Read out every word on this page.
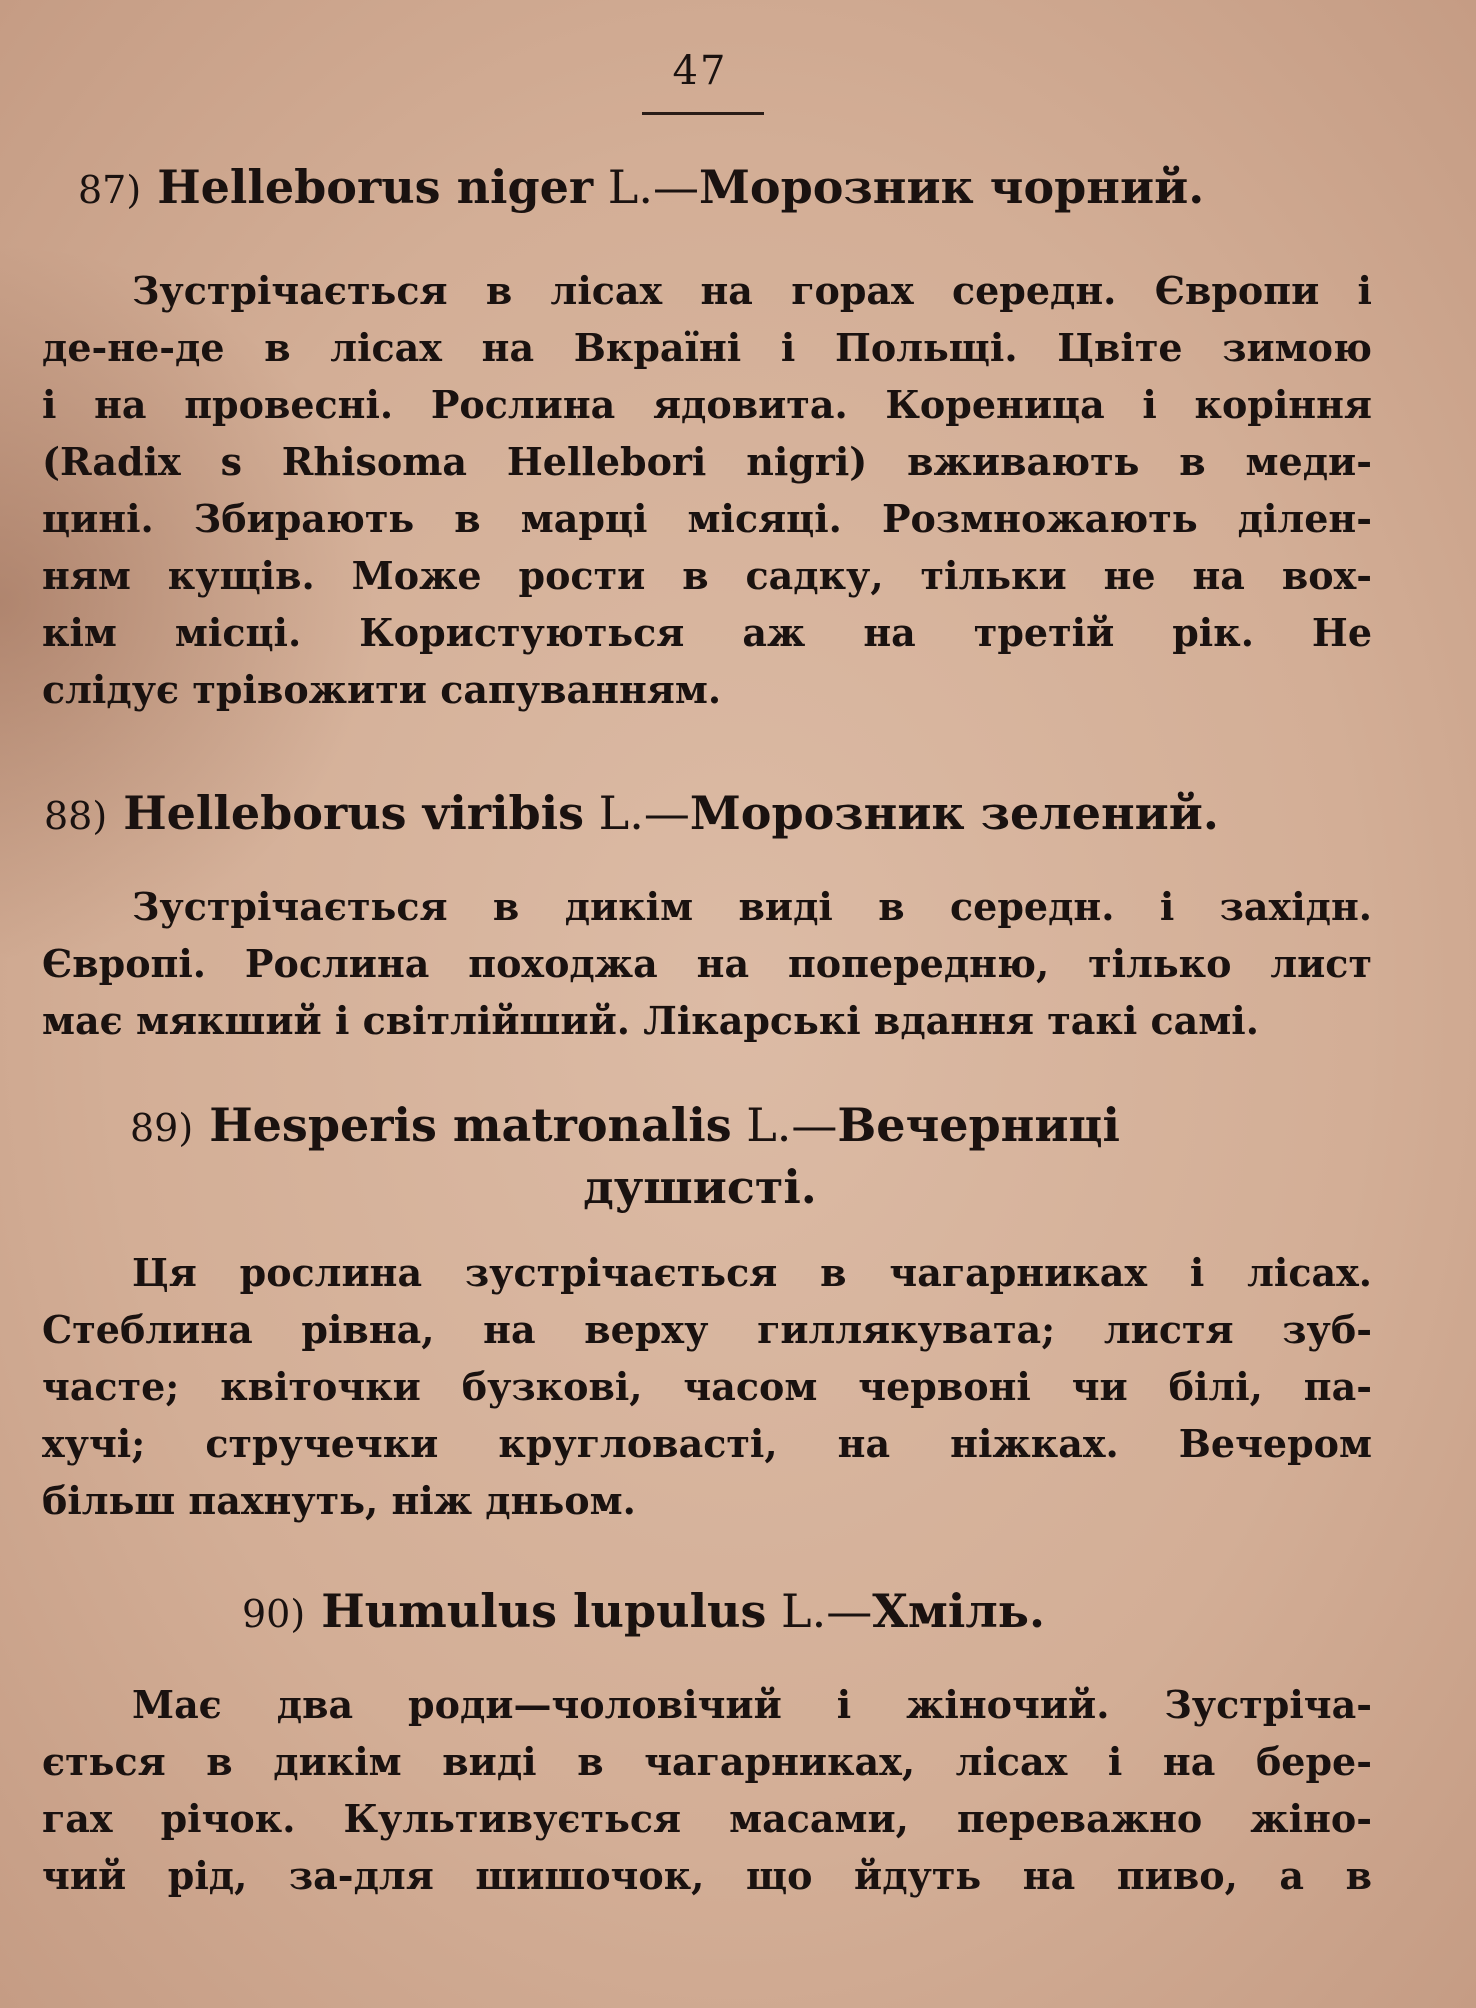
47
87) Helleborus niger L.—Морозник чорний.
Зустрічається в лісах на горах середн. Європи і
де-не-де в лісах на Вкраїні і Польщі. Цвіте зимою
і на провесні. Рослина ядовита. Кореница і коріння
(Radix s Rhisoma Hellebori nigri) вживають в меди-
цині. Збирають в марці місяці. Розмножають ділен-
ням кущів. Може рости в садку, тільки не на вох-
кім місці. Користуються аж на третій рік. Не
слідує трівожити сапуванням.
88) Helleborus viribis L.—Морозник зелений.
Зустрічається в дикім виді в середн. і західн.
Європі. Рослина походжа на попередню, тілько лист
має мякший і світлійший. Лікарські вдання такі самі.
89) Hesperis matronalis L.—Вечерниці
душисті.
Ця рослина зустрічається в чагарниках і лісах.
Стеблина рівна, на верху гиллякувата; листя зуб-
часте; квіточки бузкові, часом червоні чи білі, па-
хучі; стручечки кругловасті, на ніжках. Вечером
більш пахнуть, ніж дньом.
90) Humulus lupulus L.—Хміль.
Має два роди—чоловічий і жіночий. Зустріча-
ється в дикім виді в чагарниках, лісах і на бере-
гах річок. Культивується масами, переважно жіно-
чий рід, за-для шишочок, що йдуть на пиво, а в
